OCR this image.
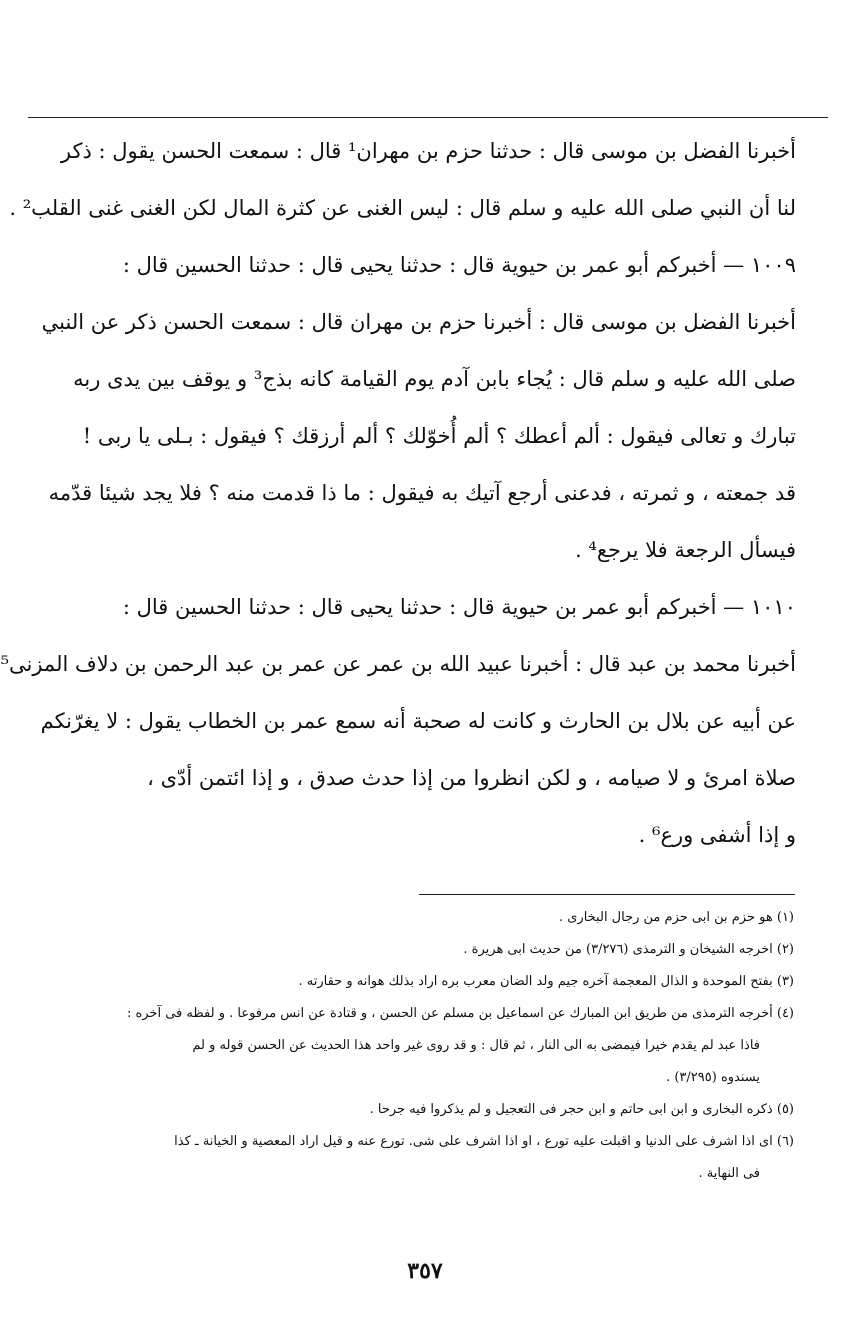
أخبرنا الفضل بن موسى قال : حدثنا حزم بن مهران¹ قال : سمعت الحسن يقول : ذكر
لنا أن النبي صلى الله عليه و سلم قال : ليس الغنى عن كثرة المال لكن الغنى غنى القلب² .
١٠٠٩ — أخبركم أبو عمر بن حيوية قال : حدثنا يحيى قال : حدثنا الحسين قال :
أخبرنا الفضل بن موسى قال : أخبرنا حزم بن مهران قال : سمعت الحسن ذكر عن النبي
صلى الله عليه و سلم قال : يُجاء بابن آدم يوم القيامة كانه بذج³ و يوقف بين يدى ربه
تبارك و تعالى فيقول : ألم أعطك ؟ ألم أُخوّلك ؟ ألم أرزقك ؟ فيقول : بـلى يا ربى !
قد جمعته ، و ثمرته ، فدعنى أرجع آتيك به فيقول : ما ذا قدمت منه ؟ فلا يجد شيئا قدّمه
فيسأل الرجعة فلا يرجع⁴ .
١٠١٠ — أخبركم أبو عمر بن حيوية قال : حدثنا يحيى قال : حدثنا الحسين قال :
أخبرنا محمد بن عبد قال : أخبرنا عبيد الله بن عمر عن عمر بن عبد الرحمن بن دلاف المزنى⁵
عن أبيه عن بلال بن الحارث و كانت له صحبة أنه سمع عمر بن الخطاب يقول : لا يغرّنكم
صلاة امرئ و لا صيامه ، و لكن انظروا من إذا حدث صدق ، و إذا ائتمن أدّى ،
و إذا أشفى ورع⁶ .
(١) هو حزم بن ابى حزم من رجال البخارى .
(٢) اخرجه الشيخان و الترمذى (٣/٢٧٦) من حديث ابى هريرة .
(٣) بفتح الموحدة و الذال المعجمة آخره جيم ولد الضان معرب بره اراد بذلك هوانه و حقارته .
(٤) أخرجه الترمذى من طريق ابن المبارك عن اسماعيل بن مسلم عن الحسن ، و قتادة عن انس مرفوعا . و لفظه فى آخره :
فاذا عبد لم يقدم خيرا فيمضى به الى النار ، ثم قال : و قد روى غير واحد هذا الحديث عن الحسن قوله و لم
يسندوه (٣/٢٩٥) .
(٥) ذكره البخارى و ابن ابى حاتم و ابن حجر فى التعجيل و لم يذكروا فيه جرحا .
(٦) اى اذا اشرف على الدنيا و اقبلت عليه تورع ، او اذا اشرف على شى. تورع عنه و قيل اراد المعصية و الخيانة ـ كذا
فى النهاية .
٣٥٧
